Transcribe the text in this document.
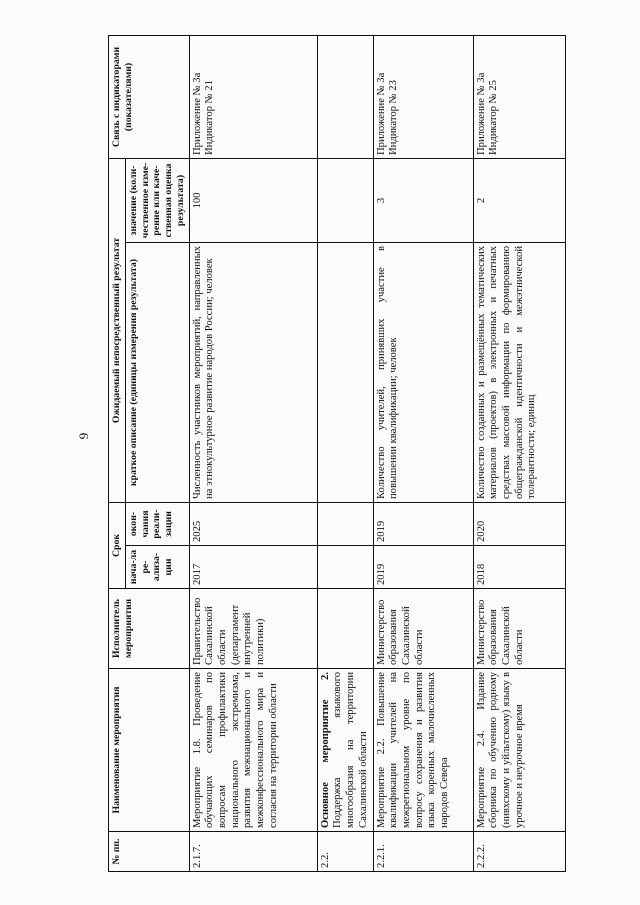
9
№ пп.	Наименование мероприятия	Исполнитель мероприятия	Срок		Ожидаемый непосредственный результат		Связь с индикаторами (показателями)
			нача-ла ре-ализа-ции	окон-чания реали-зации	краткое описание (единицы измерения результата)	значение (коли-чественное изме-рение или каче-ственная оценка результата)	
2.1.7.	Мероприятие 1.8. Проведение обучающих семинаров по вопросам профилактики национального экстремизма, развития межнационального и межконфессионального мира и согласия на территории области	Правительство Сахалинской области (департамент внутренней политики)	2017	2025	Численность участников мероприятий, направленных на этнокультурное развитие народов России; человек	100	Приложение № 3а Индикатор № 21
2.2.	Основное мероприятие 2. Поддержка языкового многообразия на территории Сахалинской области						
2.2.1.	Мероприятие 2.2. Повышение квалификации учителей на межрегиональном уровне по вопросу сохранения и развития языка коренных малочисленных народов Севера	Министерство образования Сахалинской области	2019	2019	Количество учителей, принявших участие в повышении квалификации; человек	3	Приложение № 3а Индикатор № 23
2.2.2.	Мероприятие 2.4. Издание сборника по обучению родному (нивхскому и уйльтскому) языку в урочное и неурочное время	Министерство образования Сахалинской области	2018	2020	Количество созданных и размещённых тематических материалов (проектов) в электронных и печатных средствах массовой информации по формированию общегражданской идентичности и межэтнической толерантности; единиц	2	Приложение № 3а Индикатор № 25
